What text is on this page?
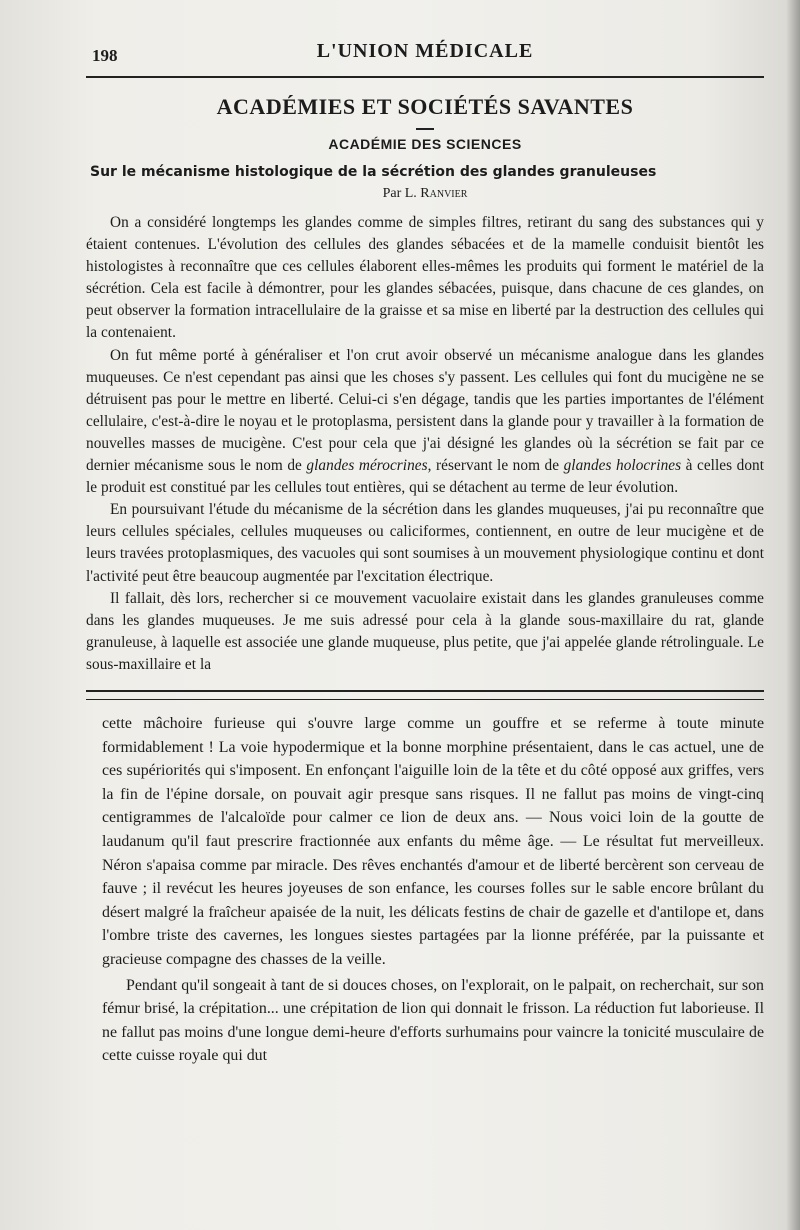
198	L'UNION MÉDICALE
ACADÉMIES ET SOCIÉTÉS SAVANTES
ACADÉMIE DES SCIENCES
Sur le mécanisme histologique de la sécrétion des glandes granuleuses
Par L. Ranvier

On a considéré longtemps les glandes comme de simples filtres, retirant du sang des substances qui y étaient contenues. L'évolution des cellules des glandes sébacées et de la mamelle conduisit bientôt les histologistes à reconnaître que ces cellules élaborent elles-mêmes les produits qui forment le matériel de la sécrétion. Cela est facile à démontrer, pour les glandes sébacées, puisque, dans chacune de ces glandes, on peut observer la formation intracellulaire de la graisse et sa mise en liberté par la destruction des cellules qui la contenaient.

On fut même porté à généraliser et l'on crut avoir observé un mécanisme analogue dans les glandes muqueuses. Ce n'est cependant pas ainsi que les choses s'y passent. Les cellules qui font du mucigène ne se détruisent pas pour le mettre en liberté. Celui-ci s'en dégage, tandis que les parties importantes de l'élément cellulaire, c'est-à-dire le noyau et le protoplasma, persistent dans la glande pour y travailler à la formation de nouvelles masses de mucigène. C'est pour cela que j'ai désigné les glandes où la sécrétion se fait par ce dernier mécanisme sous le nom de glandes mérocrines, réservant le nom de glandes holocrines à celles dont le produit est constitué par les cellules tout entières, qui se détachent au terme de leur évolution.

En poursuivant l'étude du mécanisme de la sécrétion dans les glandes muqueuses, j'ai pu reconnaître que leurs cellules spéciales, cellules muqueuses ou caliciformes, contiennent, en outre de leur mucigène et de leurs travées protoplasmiques, des vacuoles qui sont soumises à un mouvement physiologique continu et dont l'activité peut être beaucoup augmentée par l'excitation électrique.

Il fallait, dès lors, rechercher si ce mouvement vacuolaire existait dans les glandes granuleuses comme dans les glandes muqueuses. Je me suis adressé pour cela à la glande sous-maxillaire du rat, glande granuleuse, à laquelle est associée une glande muqueuse, plus petite, que j'ai appelée glande rétrolinguale. Le sous-maxillaire et la

cette mâchoire furieuse qui s'ouvre large comme un gouffre et se referme à toute minute formidablement ! La voie hypodermique et la bonne morphine présentaient, dans le cas actuel, une de ces supériorités qui s'imposent. En enfonçant l'aiguille loin de la tête et du côté opposé aux griffes, vers la fin de l'épine dorsale, on pouvait agir presque sans risques. Il ne fallut pas moins de vingt-cinq centigrammes de l'alcaloïde pour calmer ce lion de deux ans. — Nous voici loin de la goutte de laudanum qu'il faut prescrire fractionnée aux enfants du même âge. — Le résultat fut merveilleux. Néron s'apaisa comme par miracle. Des rêves enchantés d'amour et de liberté bercèrent son cerveau de fauve ; il revécut les heures joyeuses de son enfance, les courses folles sur le sable encore brûlant du désert malgré la fraîcheur apaisée de la nuit, les délicats festins de chair de gazelle et d'antilope et, dans l'ombre triste des cavernes, les longues siestes partagées par la lionne préférée, par la puissante et gracieuse compagne des chasses de la veille.

Pendant qu'il songeait à tant de si douces choses, on l'explorait, on le palpait, on recherchait, sur son fémur brisé, la crépitation... une crépitation de lion qui donnait le frisson. La réduction fut laborieuse. Il ne fallut pas moins d'une longue demi-heure d'efforts surhumains pour vaincre la tonicité musculaire de cette cuisse royale qui dut
